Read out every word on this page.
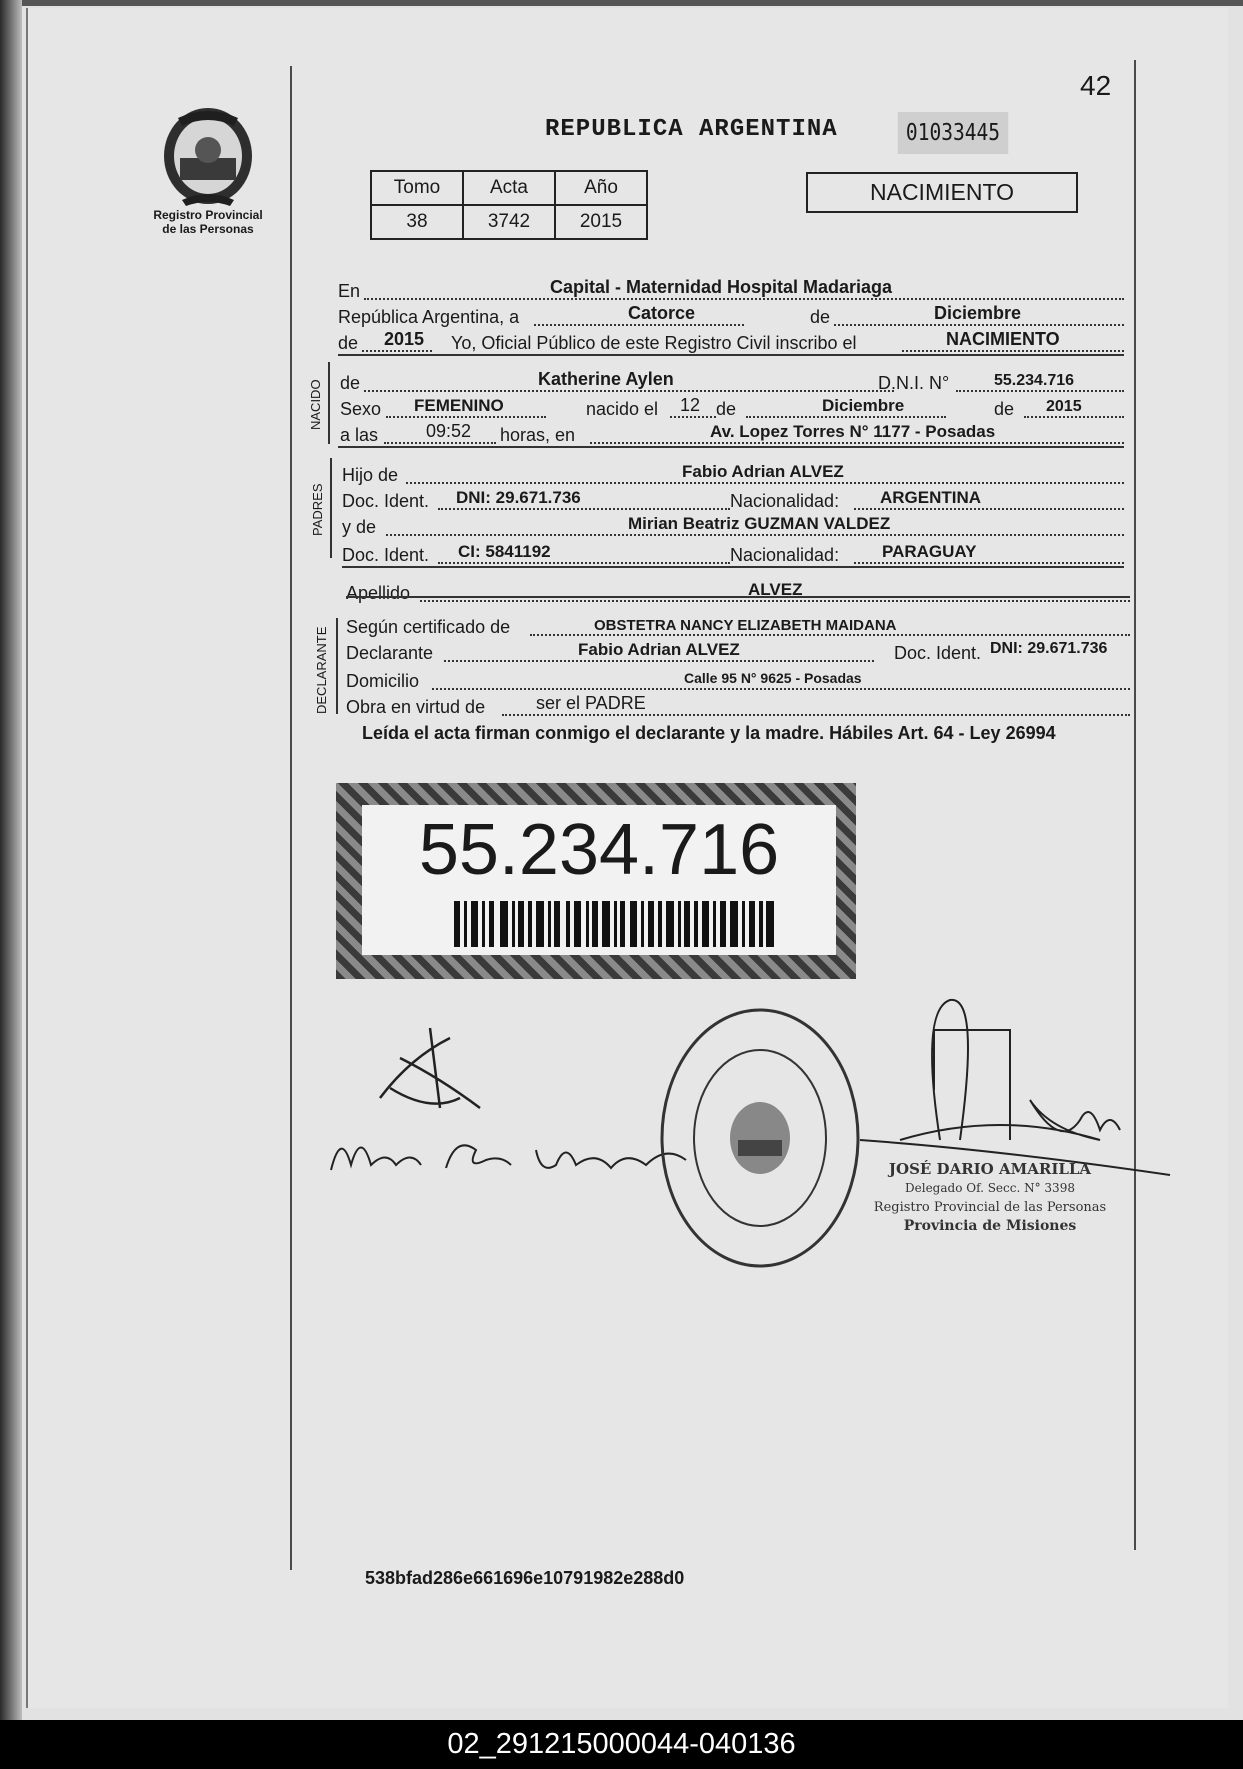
Registro Provincial
de las Personas
42
REPUBLICA ARGENTINA	01033445
Tomo	Acta	Año
38	3742	2015
NACIMIENTO
En	Capital - Maternidad Hospital Madariaga
República Argentina, a	Catorce	de	Diciembre
de 2015 Yo, Oficial Público de este Registro Civil inscribo el	NACIMIENTO
NACIDO de	Katherine Aylen	D.N.I. N°	55.234.716
Sexo FEMENINO	nacido el 12 de	Diciembre	de 2015
a las	09:52 horas, en	Av. Lopez Torres N° 1177 - Posadas
PADRES
Hijo de	Fabio Adrian ALVEZ
Doc. Ident. DNI: 29.671.736	Nacionalidad: ARGENTINA
y de	Mirian Beatriz GUZMAN VALDEZ
Doc. Ident. CI: 5841192	Nacionalidad:	PARAGUAY
Apellido	ALVEZ
DECLARANTE Según certificado de	OBSTETRA NANCY ELIZABETH MAIDANA
Declarante	Fabio Adrian ALVEZ	Doc. Ident. DNI: 29.671.736
Domicilio	Calle 95 N° 9625 - Posadas
Obra en virtud de	ser el PADRE
Leída el acta firman conmigo el declarante y la madre. Hábiles Art. 64 - Ley 26994
55.234.716
JOSÉ DARIO AMARILLA
Delegado Of. Secc. N° 3398
Registro Provincial de las Personas
Provincia de Misiones
538bfad286e661696e10791982e288d0
02_291215000044-040136
